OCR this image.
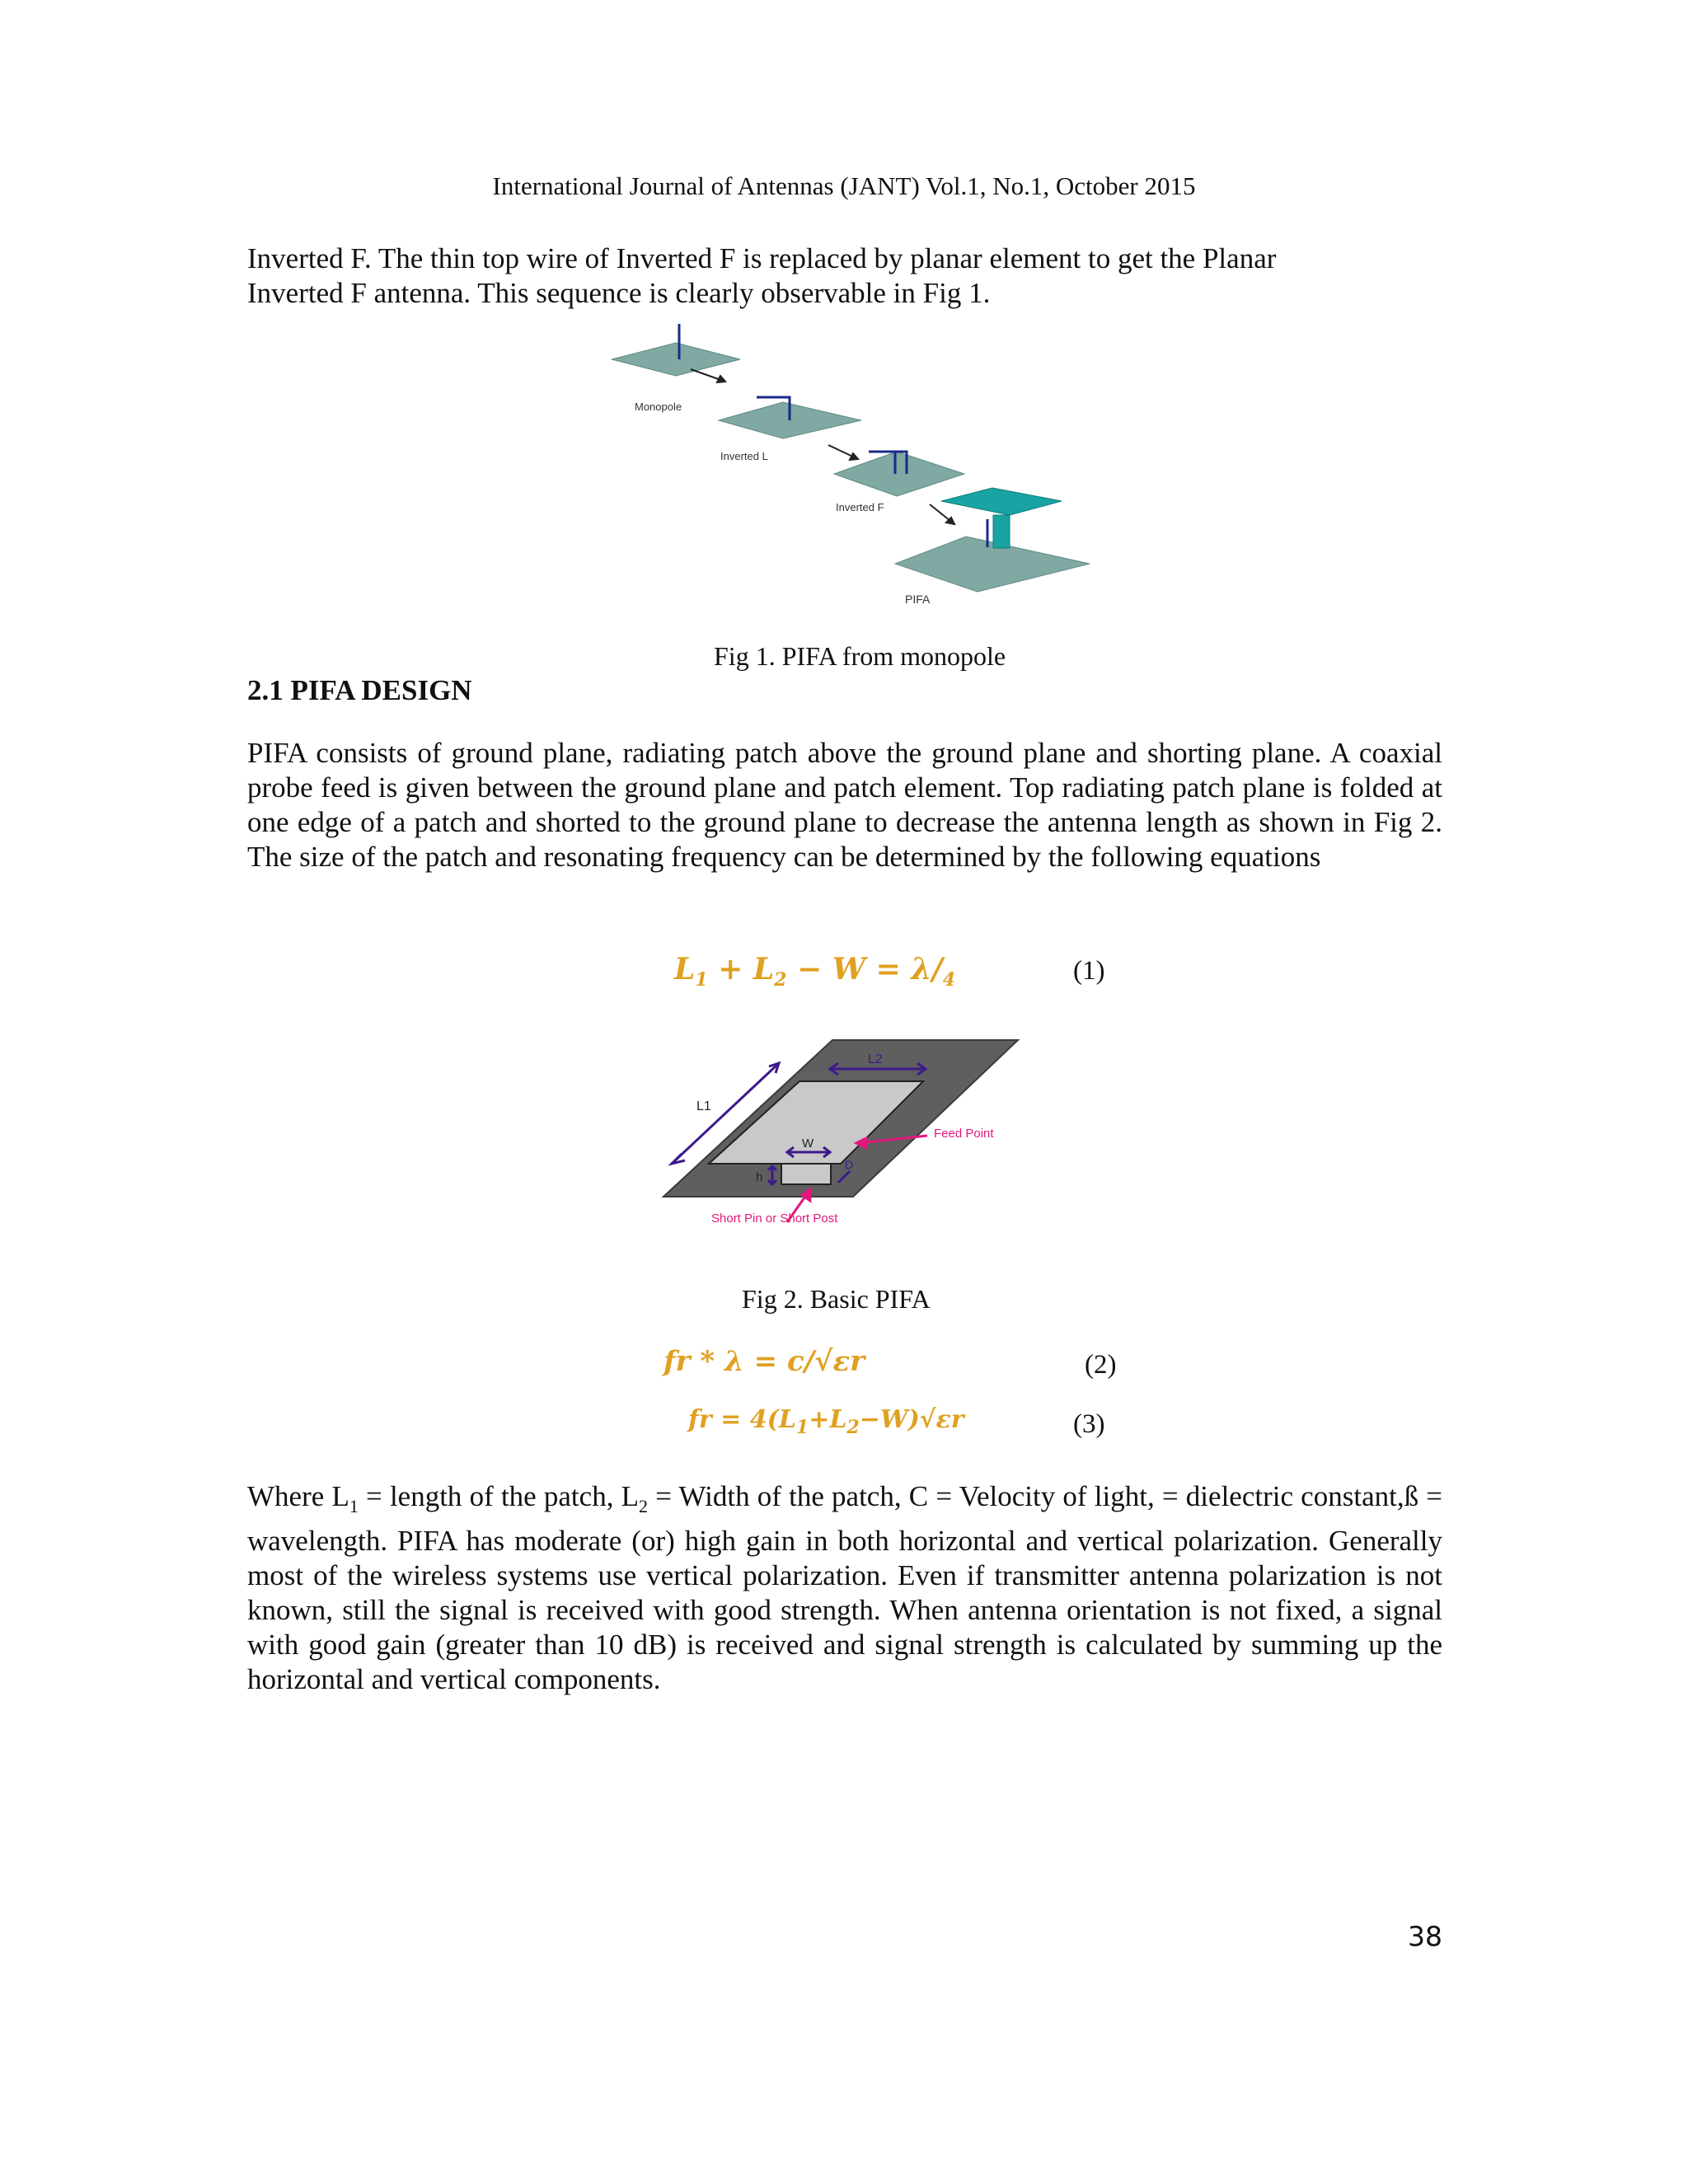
International Journal of Antennas (JANT) Vol.1, No.1, October 2015

Inverted F. The thin top wire of Inverted F is replaced by planar element to get the Planar

Inverted F antenna. This sequence is clearly observable in Fig 1.

Monopole
Inverted L
Inverted F
PIFA
Fig 1. PIFA from monopole
2.1 PIFA DESIGN
PIFA consists of ground plane, radiating patch above the ground plane and shorting plane. A coaxial probe feed is given between the ground plane and patch element. Top radiating patch plane is folded at one edge of a patch and shorted to the ground plane to decrease the antenna length as shown in Fig 2. The size of the patch and resonating frequency can be determined by the following equations
$L_1 + L_2 - W = \lambda/_4$	(1)
L1
L2
W
h
D
Feed Point
Short Pin or Short Post
Fig 2. Basic PIFA
fr * λ = c/√εr	(2)
fr = $4(L_1+L_2-W)√\varepsilon r$	(3)
Where $L_1$ = length of the patch, $L_2$ = Width of the patch, C = Velocity of light, = dielectric constant,ß = wavelength. PIFA has moderate (or) high gain in both horizontal and vertical polarization. Generally most of the wireless systems use vertical polarization. Even if transmitter antenna polarization is not known, still the signal is received with good strength. When antenna orientation is not fixed, a signal with good gain (greater than 10 dB) is received and signal strength is calculated by summing up the horizontal and vertical components.
38
